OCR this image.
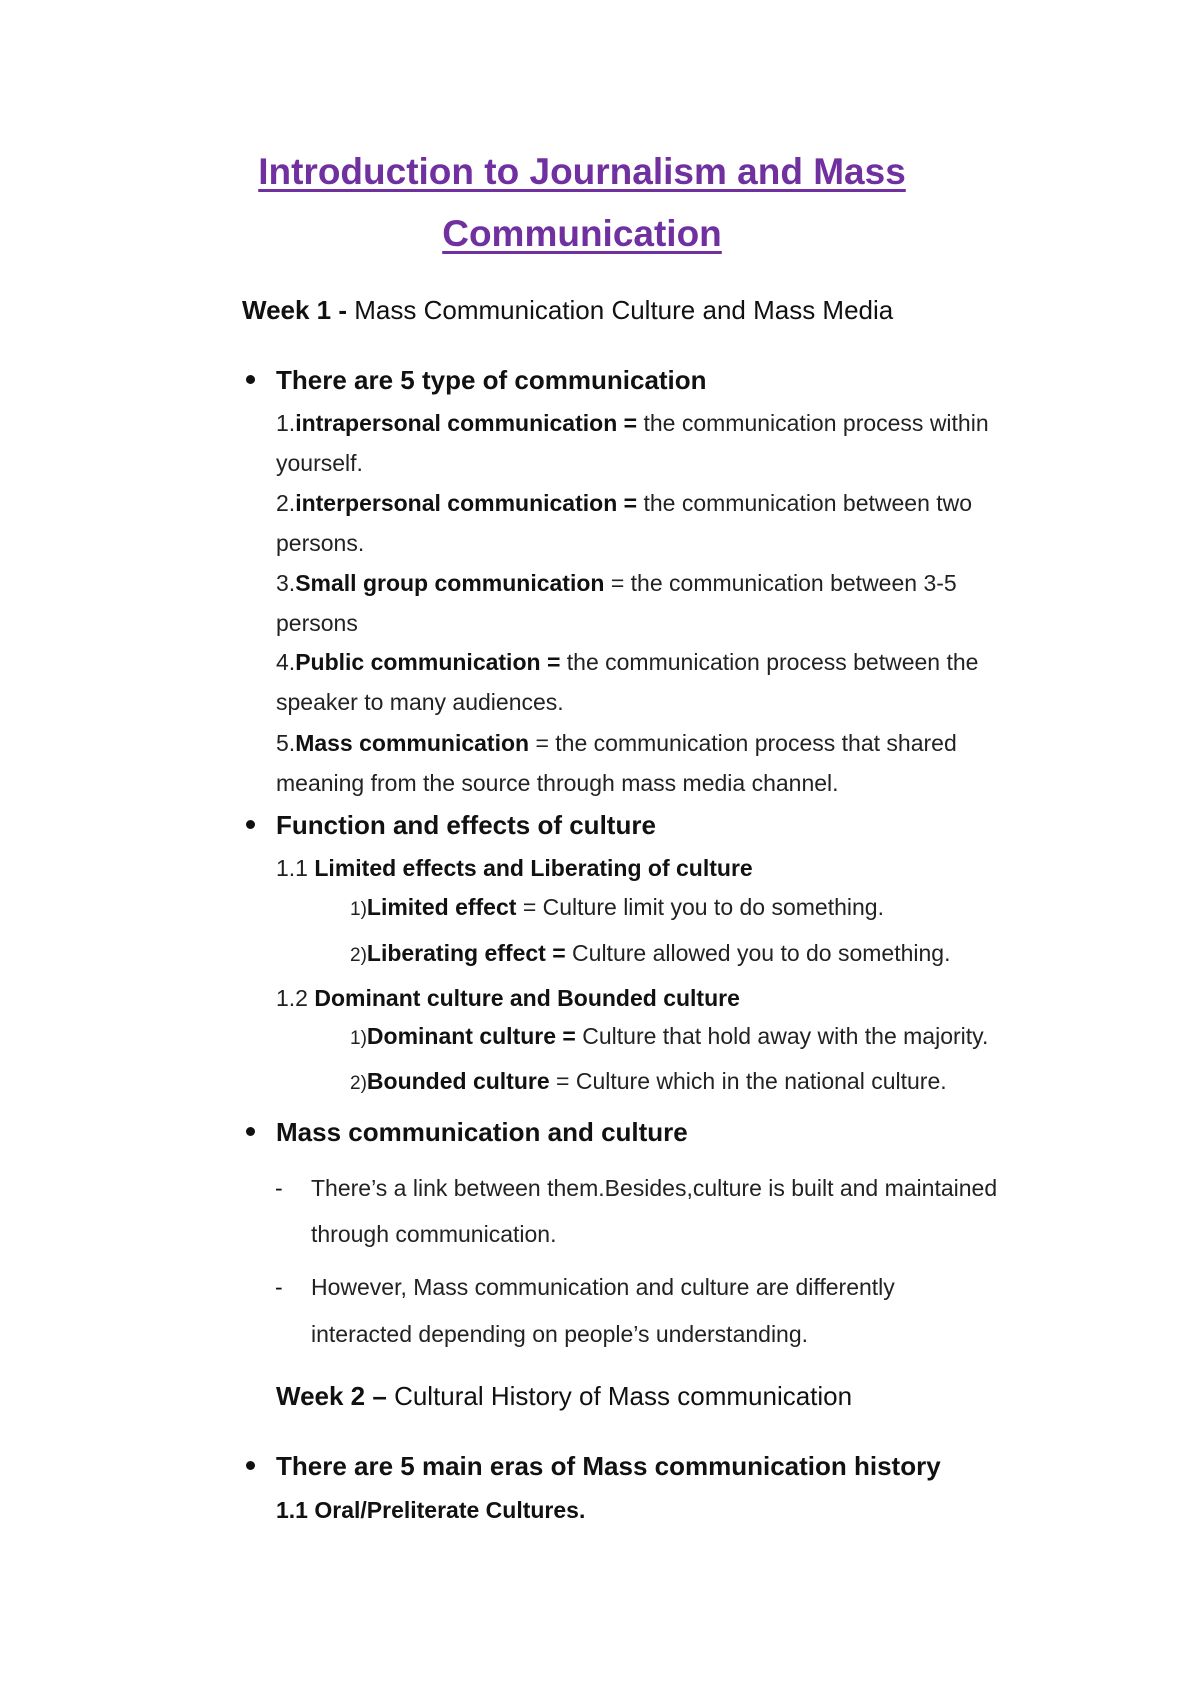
Introduction to Journalism and Mass
Communication
Week 1 - Mass Communication Culture and Mass Media
There are 5 type of communication
1.intrapersonal communication = the communication process within
yourself.
2.interpersonal communication = the communication between two
persons.
3.Small group communication = the communication between 3-5
persons
4.Public communication = the communication process between the
speaker to many audiences.
5.Mass communication = the communication process that shared
meaning from the source through mass media channel.
Function and effects of culture
1.1 Limited effects and Liberating of culture
1)Limited effect = Culture limit you to do something.
2)Liberating effect = Culture allowed you to do something.
1.2 Dominant culture and Bounded culture
1)Dominant culture = Culture that hold away with the majority.
2)Bounded culture = Culture which in the national culture.
Mass communication and culture
- There’s a link between them.Besides,culture is built and maintained
through communication.
- However, Mass communication and culture are differently
interacted depending on people’s understanding.
Week 2 – Cultural History of Mass communication
There are 5 main eras of Mass communication history
1.1 Oral/Preliterate Cultures.
